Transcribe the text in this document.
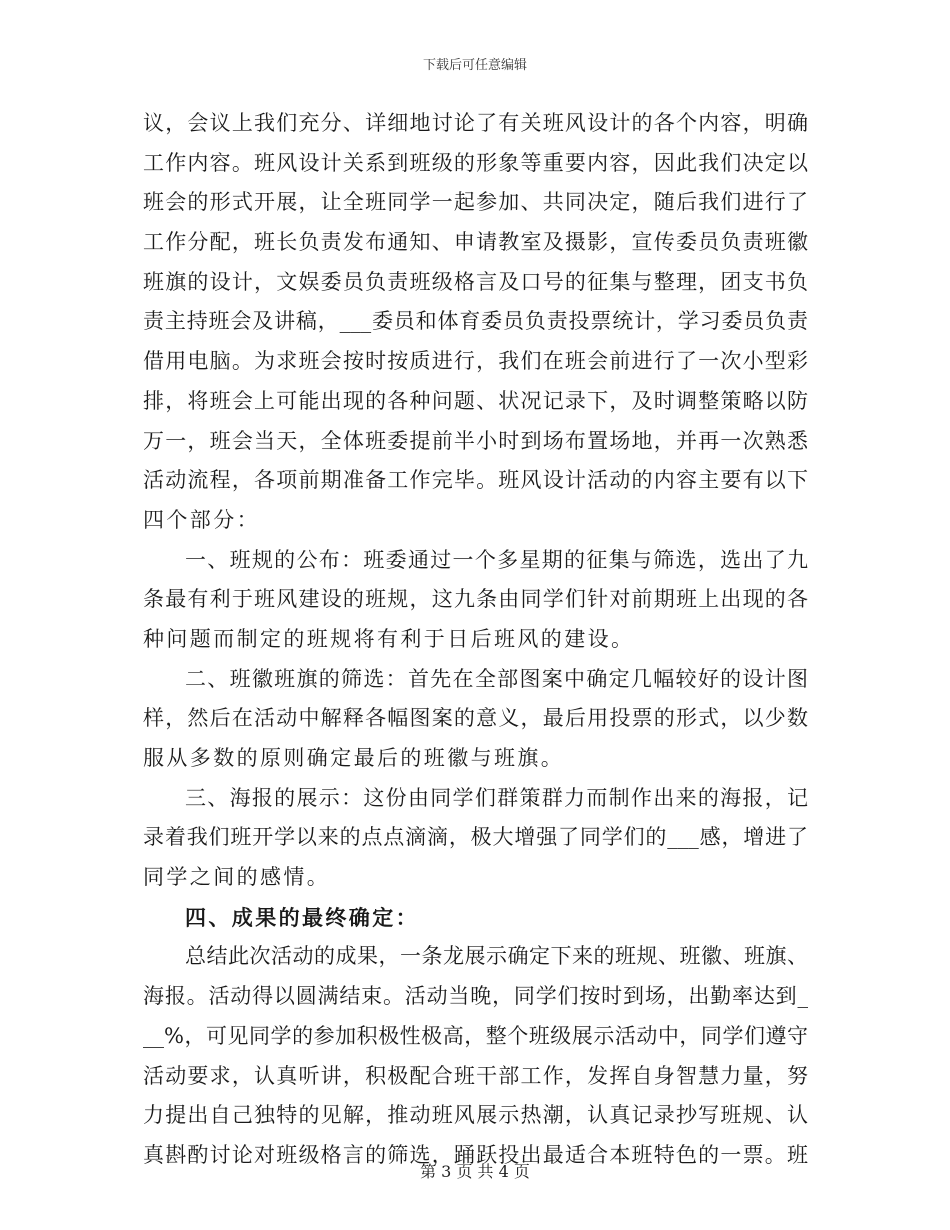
下载后可任意编辑
议，会议上我们充分、详细地讨论了有关班风设计的各个内容，明确
工作内容。班风设计关系到班级的形象等重要内容，因此我们决定以
班会的形式开展，让全班同学一起参加、共同决定，随后我们进行了
工作分配，班长负责发布通知、申请教室及摄影，宣传委员负责班徽
班旗的设计，文娱委员负责班级格言及口号的征集与整理，团支书负
责主持班会及讲稿，___委员和体育委员负责投票统计，学习委员负责
借用电脑。为求班会按时按质进行，我们在班会前进行了一次小型彩
排，将班会上可能出现的各种问题、状况记录下，及时调整策略以防
万一，班会当天，全体班委提前半小时到场布置场地，并再一次熟悉
活动流程，各项前期准备工作完毕。班风设计活动的内容主要有以下
四个部分：
一、班规的公布：班委通过一个多星期的征集与筛选，选出了九
条最有利于班风建设的班规，这九条由同学们针对前期班上出现的各
种问题而制定的班规将有利于日后班风的建设。
二、班徽班旗的筛选：首先在全部图案中确定几幅较好的设计图
样，然后在活动中解释各幅图案的意义，最后用投票的形式，以少数
服从多数的原则确定最后的班徽与班旗。
三、海报的展示：这份由同学们群策群力而制作出来的海报，记
录着我们班开学以来的点点滴滴，极大增强了同学们的___感，增进了
同学之间的感情。
四、成果的最终确定：
总结此次活动的成果，一条龙展示确定下来的班规、班徽、班旗、
海报。活动得以圆满结束。活动当晚，同学们按时到场，出勤率达到_
__%，可见同学的参加积极性极高，整个班级展示活动中，同学们遵守
活动要求，认真听讲，积极配合班干部工作，发挥自身智慧力量，努
力提出自己独特的见解，推动班风展示热潮，认真记录抄写班规、认
真斟酌讨论对班级格言的筛选，踊跃投出最适合本班特色的一票。班
第 3 页 共 4 页
